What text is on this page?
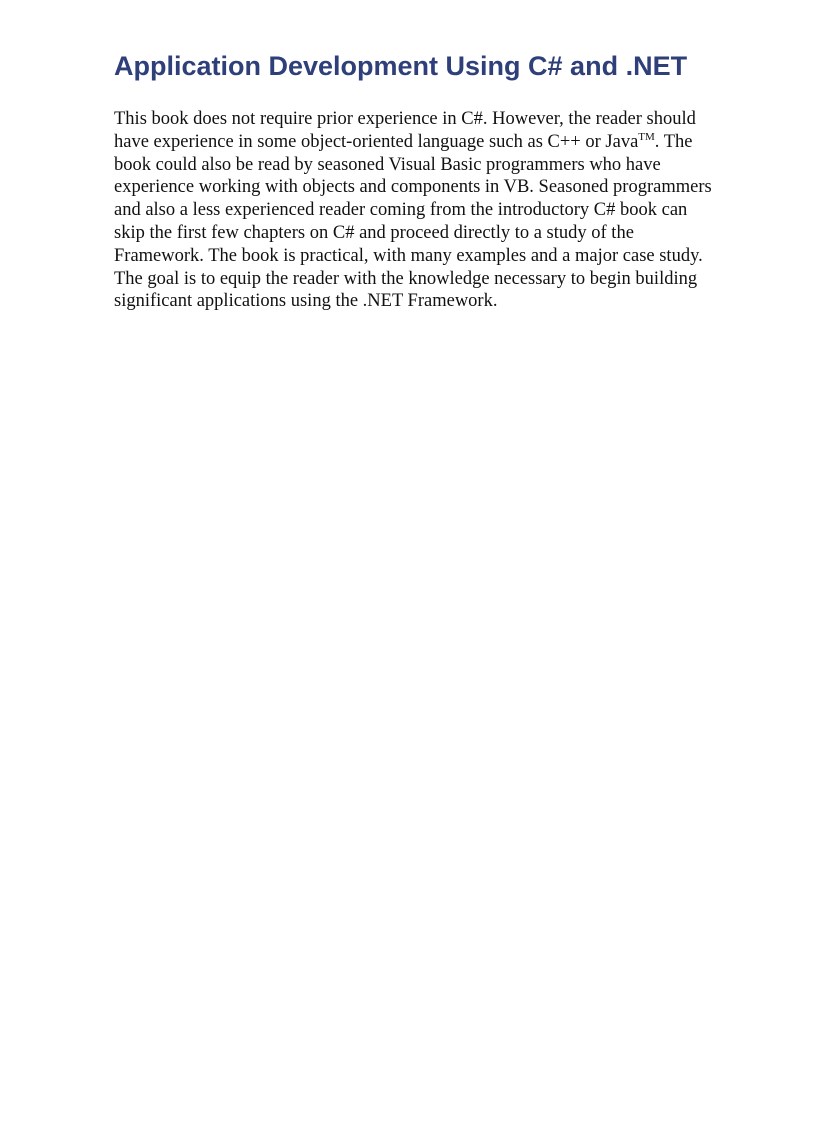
Application Development Using C# and .NET

This book does not require prior experience in C#. However, the reader should
have experience in some object-oriented language such as C++ or Java™. The
book could also be read by seasoned Visual Basic programmers who have
experience working with objects and components in VB. Seasoned programmers
and also a less experienced reader coming from the introductory C# book can
skip the first few chapters on C# and proceed directly to a study of the
Framework. The book is practical, with many examples and a major case study.
The goal is to equip the reader with the knowledge necessary to begin building
significant applications using the .NET Framework.
